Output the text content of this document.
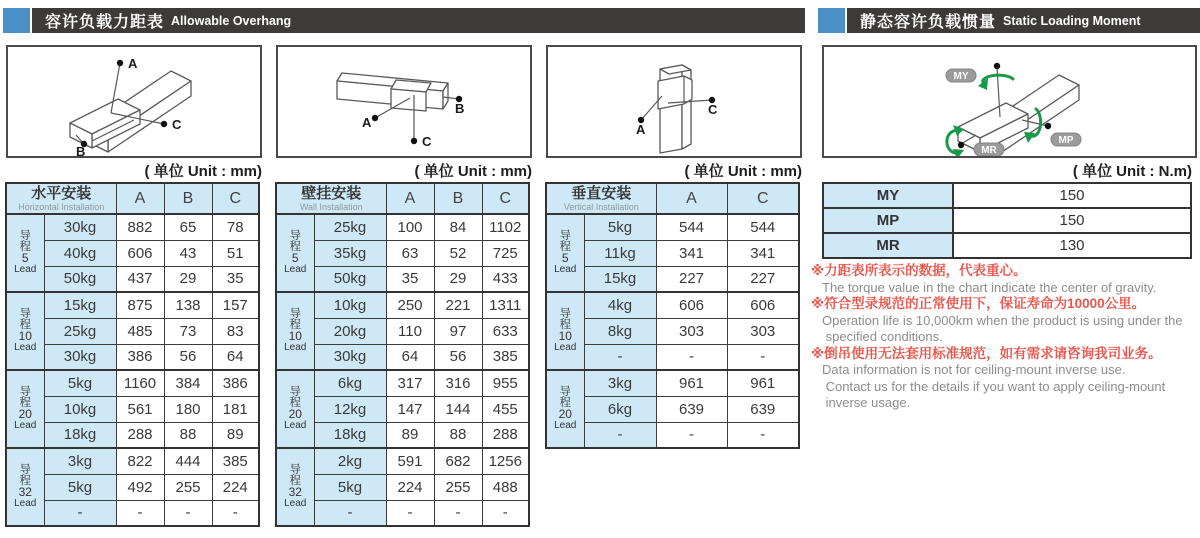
容许负载力距表 Allowable Overhang	静态容许负载惯量 Static Loading Moment
A
C
B
B
A
C
A
C
MY
MP
MR
( 单位 Unit : mm)	( 单位 Unit : mm)	( 单位 Unit : mm)	( 单位 Unit : N.m)
水平安装
Horizontal Installation		A	B	C

导
程
5
Lead	30kg	882	65	78
	40kg	606	43	51
	50kg	437	29	35

导
程
10
Lead	15kg	875	138	157
	25kg	485	73	83
	30kg	386	56	64

导
程
20
Lead	5kg	1160	384	386
	10kg	561	180	181
	18kg	288	88	89

导
程
32
Lead	3kg	822	444	385
	5kg	492	255	224
	-	-	-	-
壁挂安装
Wall Installation		A	B	C

导
程
5
Lead	25kg	100	84	1102
	35kg	63	52	725
	50kg	35	29	433

导
程
10
Lead	10kg	250	221	1311
	20kg	110	97	633
	30kg	64	56	385

导
程
20
Lead	6kg	317	316	955
	12kg	147	144	455
	18kg	89	88	288

导
程
32
Lead	2kg	591	682	1256
	5kg	224	255	488
	-	-	-	-
垂直安装
Vertical Installation		A	C

导
程
5
Lead	5kg	544	544
	11kg	341	341
	15kg	227	227

导
程
10
Lead	4kg	606	606
	8kg	303	303
	-	-	-

导
程
20
Lead	3kg	961	961
	6kg	639	639
	-	-	-
MY	150
MP	150
MR	130
※力距表所表示的数据，代表重心。
The torque value in the chart indicate the center of gravity.
※符合型录规范的正常使用下，保证寿命为10000公里。
Operation life is 10,000km when the product is using under the
specified conditions.
※倒吊使用无法套用标准规范，如有需求请咨询我司业务。
Data information is not for ceiling-mount inverse use.
Contact us for the details if you want to apply ceiling-mount
inverse usage.
